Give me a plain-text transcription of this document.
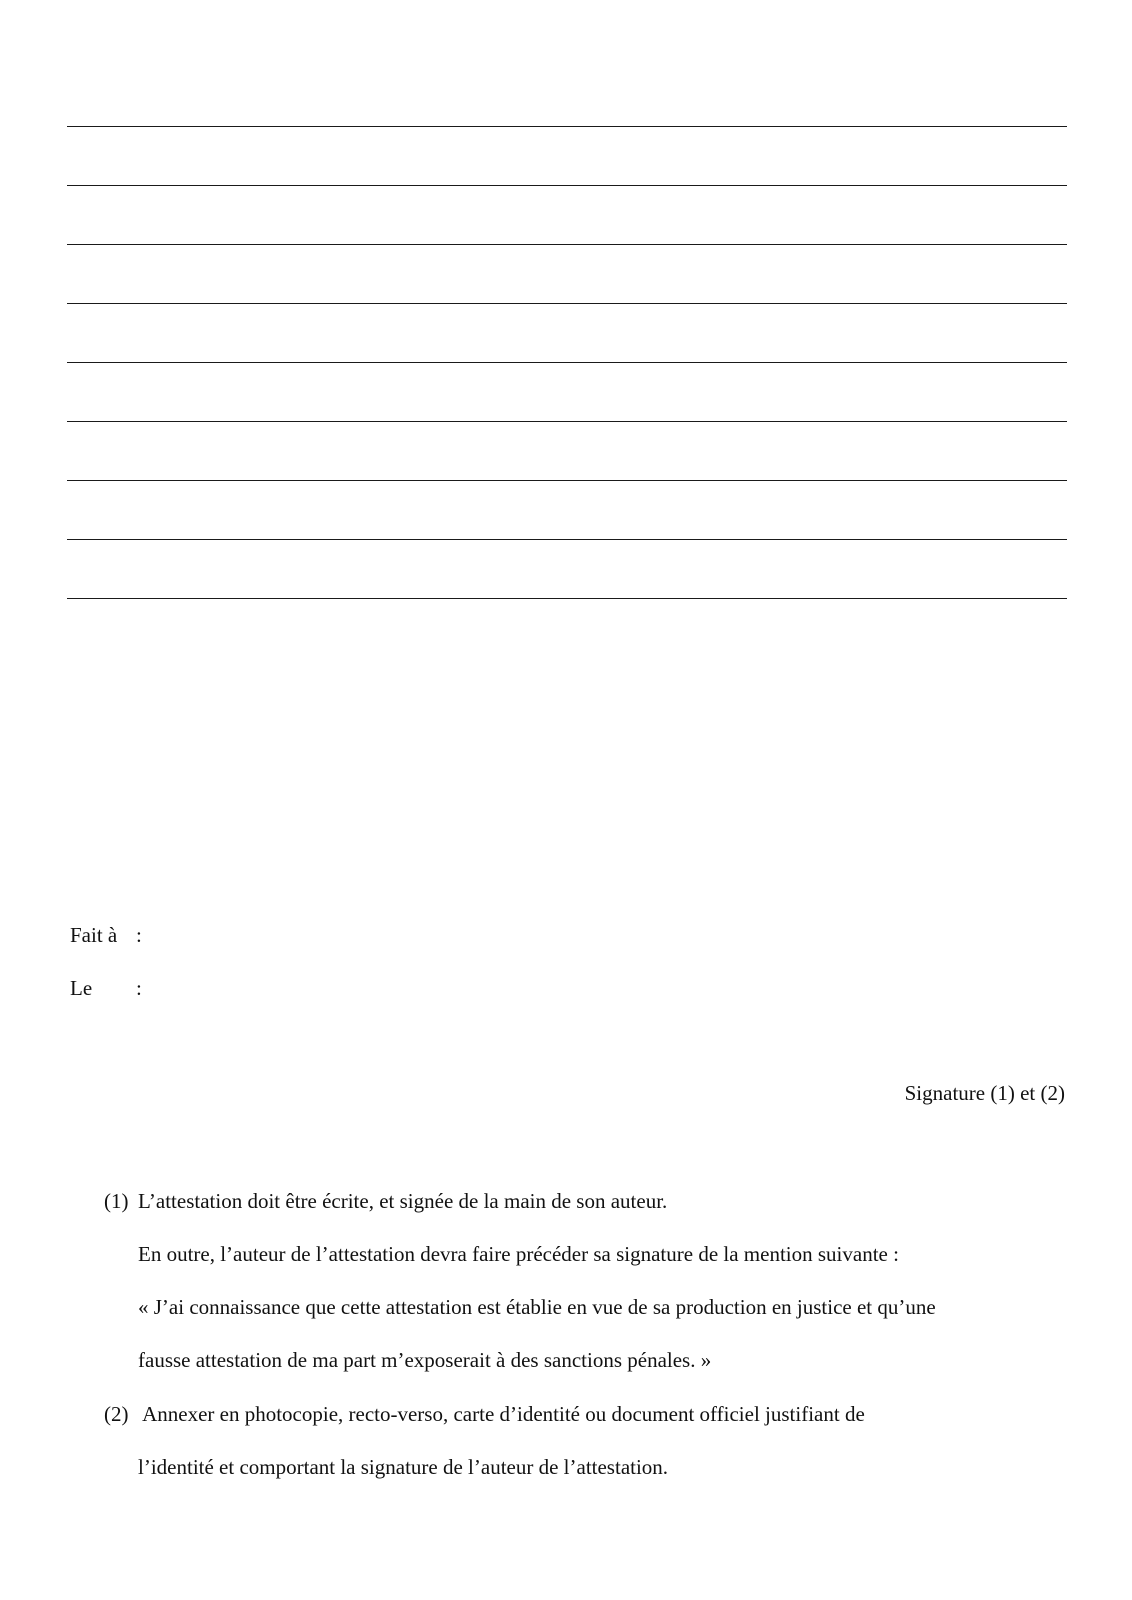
Fait à :
Le :
Signature (1) et (2)
(1) L’attestation doit être écrite, et signée de la main de son auteur.
En outre, l’auteur de l’attestation devra faire précéder sa signature de la mention suivante :
« J’ai connaissance que cette attestation est établie en vue de sa production en justice et qu’une
fausse attestation de ma part m’exposerait à des sanctions pénales. »
(2) Annexer en photocopie, recto-verso, carte d’identité ou document officiel justifiant de
l’identité et comportant la signature de l’auteur de l’attestation.
